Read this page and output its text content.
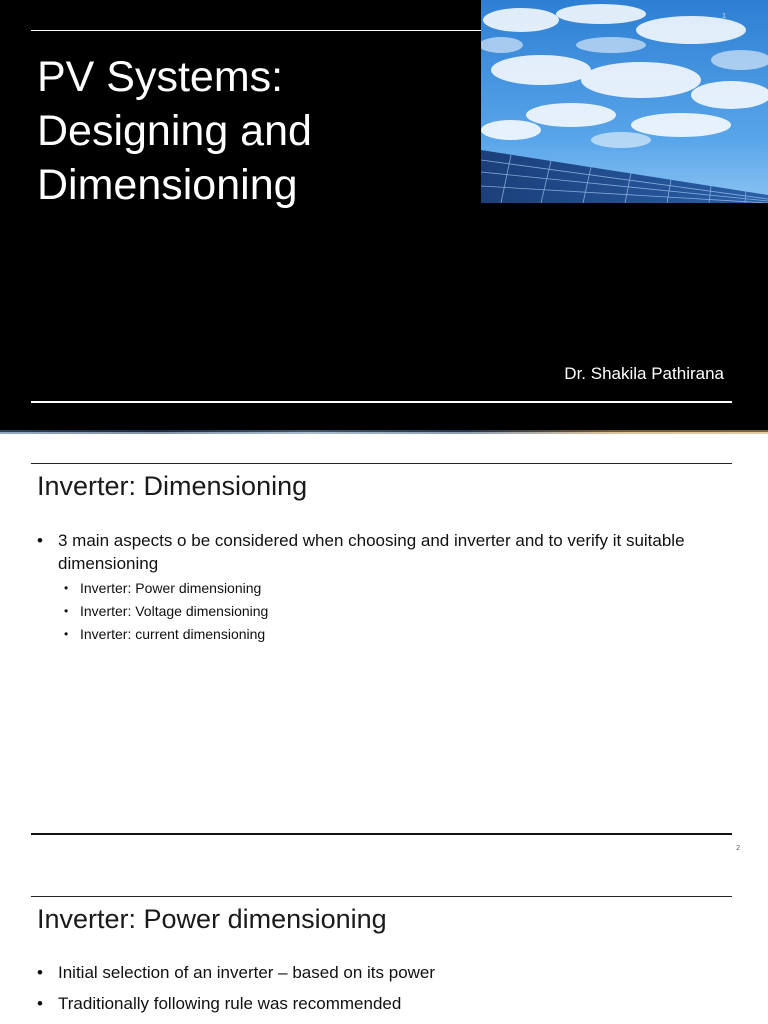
1
PV Systems:
Designing and
Dimensioning
Dr. Shakila Pathirana
Inverter: Dimensioning
• 3 main aspects o be considered when choosing and inverter and to verify it suitable dimensioning
• Inverter: Power dimensioning
• Inverter: Voltage dimensioning
• Inverter: current dimensioning
2
Inverter: Power dimensioning
• Initial selection of an inverter – based on its power
• Traditionally following rule was recommended
